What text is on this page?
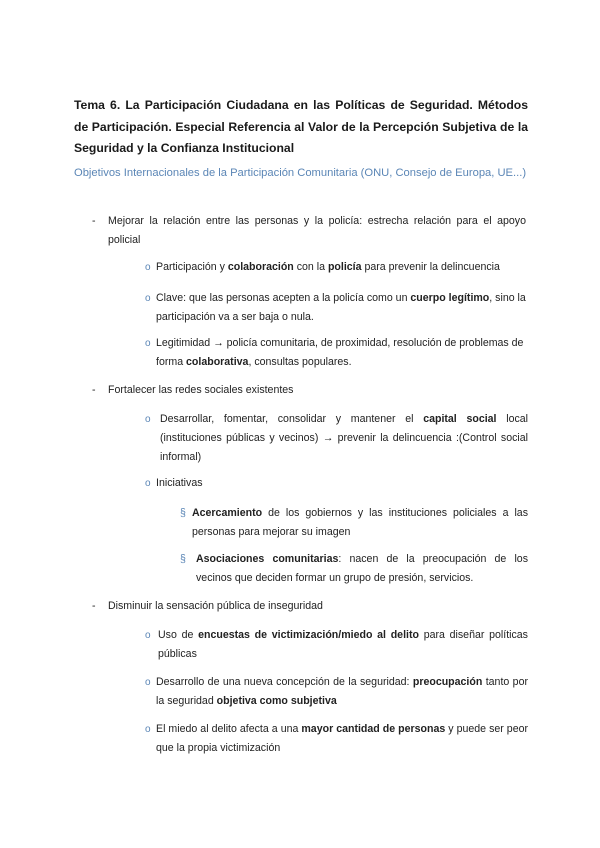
Tema 6. La Participación Ciudadana en las Políticas de Seguridad. Métodos de Participación. Especial Referencia al Valor de la Percepción Subjetiva de la Seguridad y la Confianza Institucional
Objetivos Internacionales de la Participación Comunitaria (ONU, Consejo de Europa, UE...)
- Mejorar la relación entre las personas y la policía: estrecha relación para el apoyo policial
o Participación y colaboración con la policía para prevenir la delincuencia
o Clave: que las personas acepten a la policía como un cuerpo legítimo, sino la participación va a ser baja o nula.
o Legitimidad → policía comunitaria, de proximidad, resolución de problemas de forma colaborativa, consultas populares.
- Fortalecer las redes sociales existentes
o Desarrollar, fomentar, consolidar y mantener el capital social local (instituciones públicas y vecinos) → prevenir la delincuencia :(Control social informal)
o Iniciativas
§ Acercamiento de los gobiernos y las instituciones policiales a las personas para mejorar su imagen
§ Asociaciones comunitarias: nacen de la preocupación de los vecinos que deciden formar un grupo de presión, servicios.
- Disminuir la sensación pública de inseguridad
o Uso de encuestas de victimización/miedo al delito para diseñar políticas públicas
o Desarrollo de una nueva concepción de la seguridad: preocupación tanto por la seguridad objetiva como subjetiva
o El miedo al delito afecta a una mayor cantidad de personas y puede ser peor que la propia victimización
